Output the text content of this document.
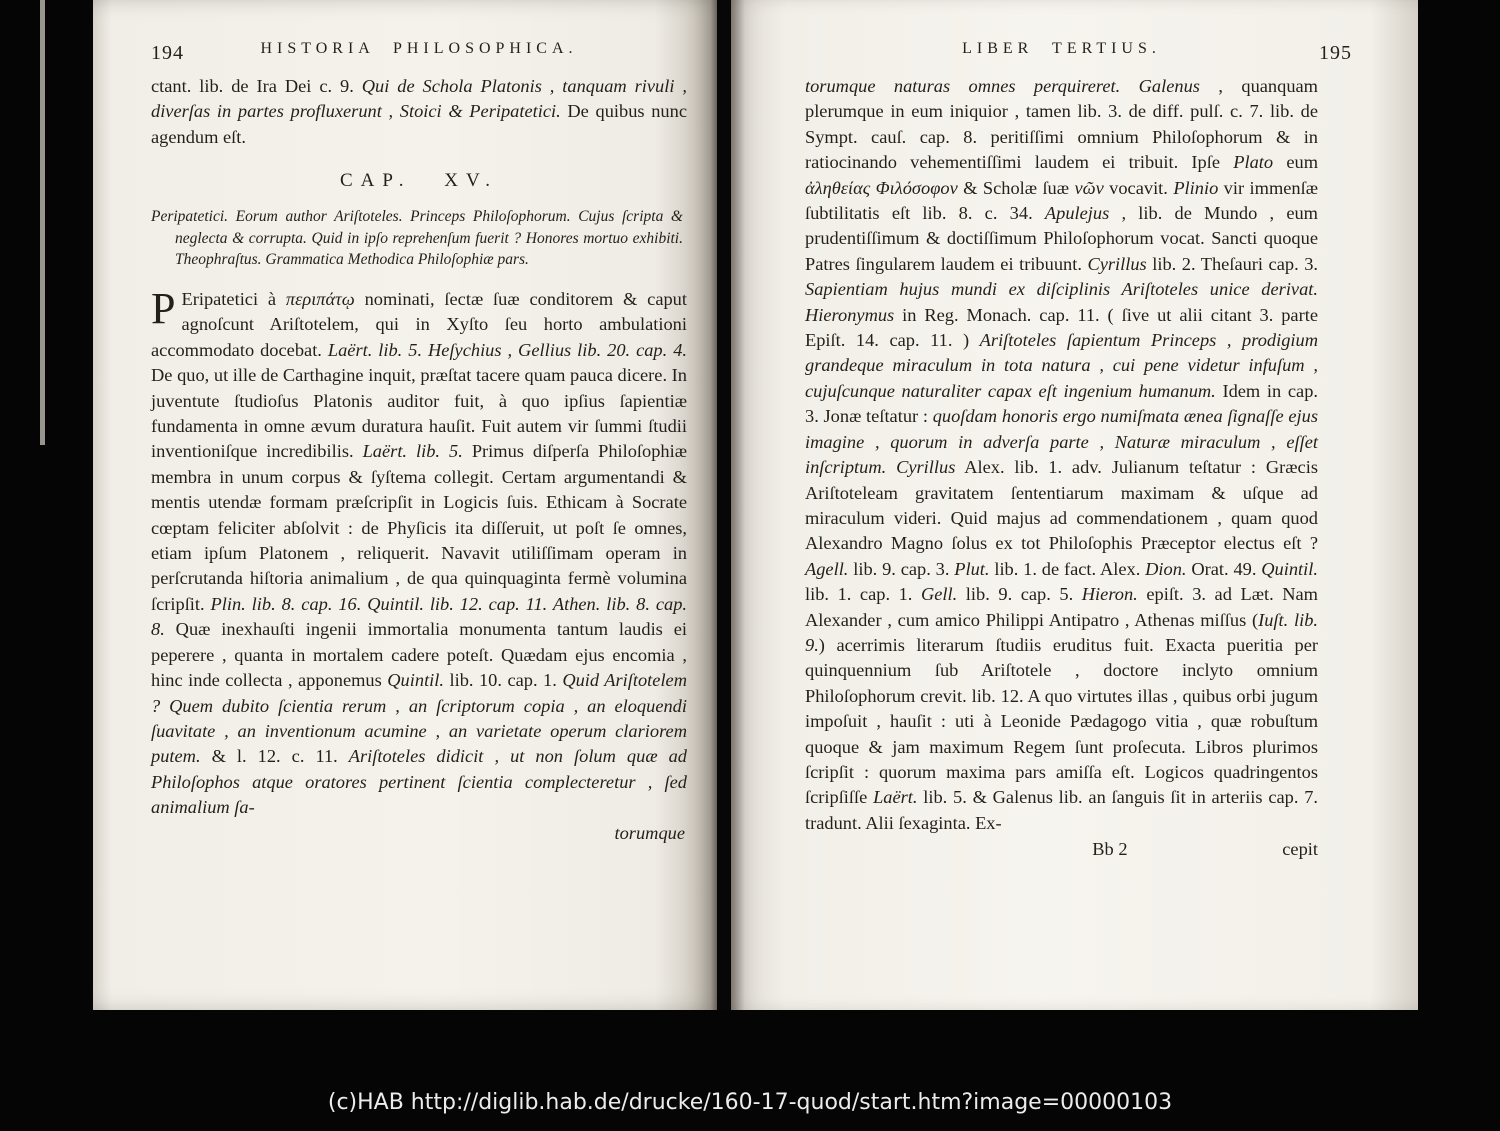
194	HISTORIA PHILOSOPHICA.

ctant. lib. de Ira Dei c. 9. Qui de Schola Platonis , tanquam rivuli , diverſas in partes profluxerunt , Stoici & Peripatetici. De quibus nunc agendum eſt.

CAP. XV.

Peripatetici. Eorum author Ariſtoteles. Princeps Philoſophorum. Cujus ſcripta & neglecta & corrupta. Quid in ipſo reprehenſum fuerit ? Honores mortuo exhibiti. Theophraſtus. Grammatica Methodica Philoſophiæ pars.

P Eripatetici à περιπάτῳ nominati, ſectæ ſuæ conditorem & caput agnoſcunt Ariſtotelem, qui in Xyſto ſeu horto ambulationi accommodato docebat. Laërt. lib. 5. Heſychius , Gellius lib. 20. cap. 4. De quo, ut ille de Carthagine inquit, præſtat tacere quam pauca dicere. In juventute ſtudioſus Platonis auditor fuit, à quo ipſius ſapientiæ fundamenta in omne ævum duratura hauſit. Fuit autem vir ſummi ſtudii inventioniſque incredibilis. Laërt. lib. 5. Primus diſperſa Philoſophiæ membra in unum corpus & ſyſtema collegit. Certam argumentandi & mentis utendæ formam præſcripſit in Logicis ſuis. Ethicam à Socrate cœptam feliciter abſolvit : de Phyſicis ita diſſeruit, ut poſt ſe omnes, etiam ipſum Platonem , reliquerit. Navavit utiliſſimam operam in perſcrutanda hiſtoria animalium , de qua quinquaginta fermè volumina ſcripſit. Plin. lib. 8. cap. 16. Quintil. lib. 12. cap. 11. Athen. lib. 8. cap. 8. Quæ inexhauſti ingenii immortalia monumenta tantum laudis ei peperere , quanta in mortalem cadere poteſt. Quædam ejus encomia , hinc inde collecta , apponemus Quintil. lib. 10. cap. 1. Quid Ariſtotelem ? Quem dubito ſcientia rerum , an ſcriptorum copia , an eloquendi ſuavitate , an inventionum acumine , an varietate operum clariorem putem. & l. 12. c. 11. Ariſtoteles didicit , ut non ſolum quæ ad Philoſophos atque oratores pertinent ſcientia complecteretur , ſed animalium ſa-

torumque
LIBER TERTIUS.	195

torumque naturas omnes perquireret. Galenus , quanquam plerumque in eum iniquior , tamen lib. 3. de diff. pulſ. c. 7. lib. de Sympt. cauſ. cap. 8. peritiſſimi omnium Philoſophorum & in ratiocinando vehementiſſimi laudem ei tribuit. Ipſe Plato eum ἀληθείας Φιλόσοφον & Scholæ ſuæ νῶν vocavit. Plinio vir immenſæ ſubtilitatis eſt lib. 8. c. 34. Apulejus , lib. de Mundo , eum prudentiſſimum & doctiſſimum Philoſophorum vocat. Sancti quoque Patres ſingularem laudem ei tribuunt. Cyrillus lib. 2. Theſauri cap. 3. Sapientiam hujus mundi ex diſciplinis Ariſtoteles unice derivat. Hieronymus in Reg. Monach. cap. 11. ( ſive ut alii citant 3. parte Epiſt. 14. cap. 11. ) Ariſtoteles ſapientum Princeps , prodigium grandeque miraculum in tota natura , cui pene videtur infuſum , cujuſcunque naturaliter capax eſt ingenium humanum. Idem in cap. 3. Jonæ teſtatur : quoſdam honoris ergo numiſmata ænea ſignaſſe ejus imagine , quorum in adverſa parte , Naturæ miraculum , eſſet inſcriptum. Cyrillus Alex. lib. 1. adv. Julianum teſtatur : Græcis Ariſtoteleam gravitatem ſententiarum maximam & uſque ad miraculum videri. Quid majus ad commendationem , quam quod Alexandro Magno ſolus ex tot Philoſophis Præceptor electus eſt ? Agell. lib. 9. cap. 3. Plut. lib. 1. de fact. Alex. Dion. Orat. 49. Quintil. lib. 1. cap. 1. Gell. lib. 9. cap. 5. Hieron. epiſt. 3. ad Læt. Nam Alexander , cum amico Philippi Antipatro , Athenas miſſus (Iuſt. lib. 9.) acerrimis literarum ſtudiis eruditus fuit. Exacta pueritia per quinquennium ſub Ariſtotele , doctore inclyto omnium Philoſophorum crevit. lib. 12. A quo virtutes illas , quibus orbi jugum impoſuit , hauſit : uti à Leonide Pædagogo vitia , quæ robuſtum quoque & jam maximum Regem ſunt proſecuta. Libros plurimos ſcripſit : quorum maxima pars amiſſa eſt. Logicos quadringentos ſcripſiſſe Laërt. lib. 5. & Galenus lib. an ſanguis ſit in arteriis cap. 7. tradunt. Alii ſexaginta. Ex-

Bb 2	cepit
(c)HAB http://diglib.hab.de/drucke/160-17-quod/start.htm?image=00000103
